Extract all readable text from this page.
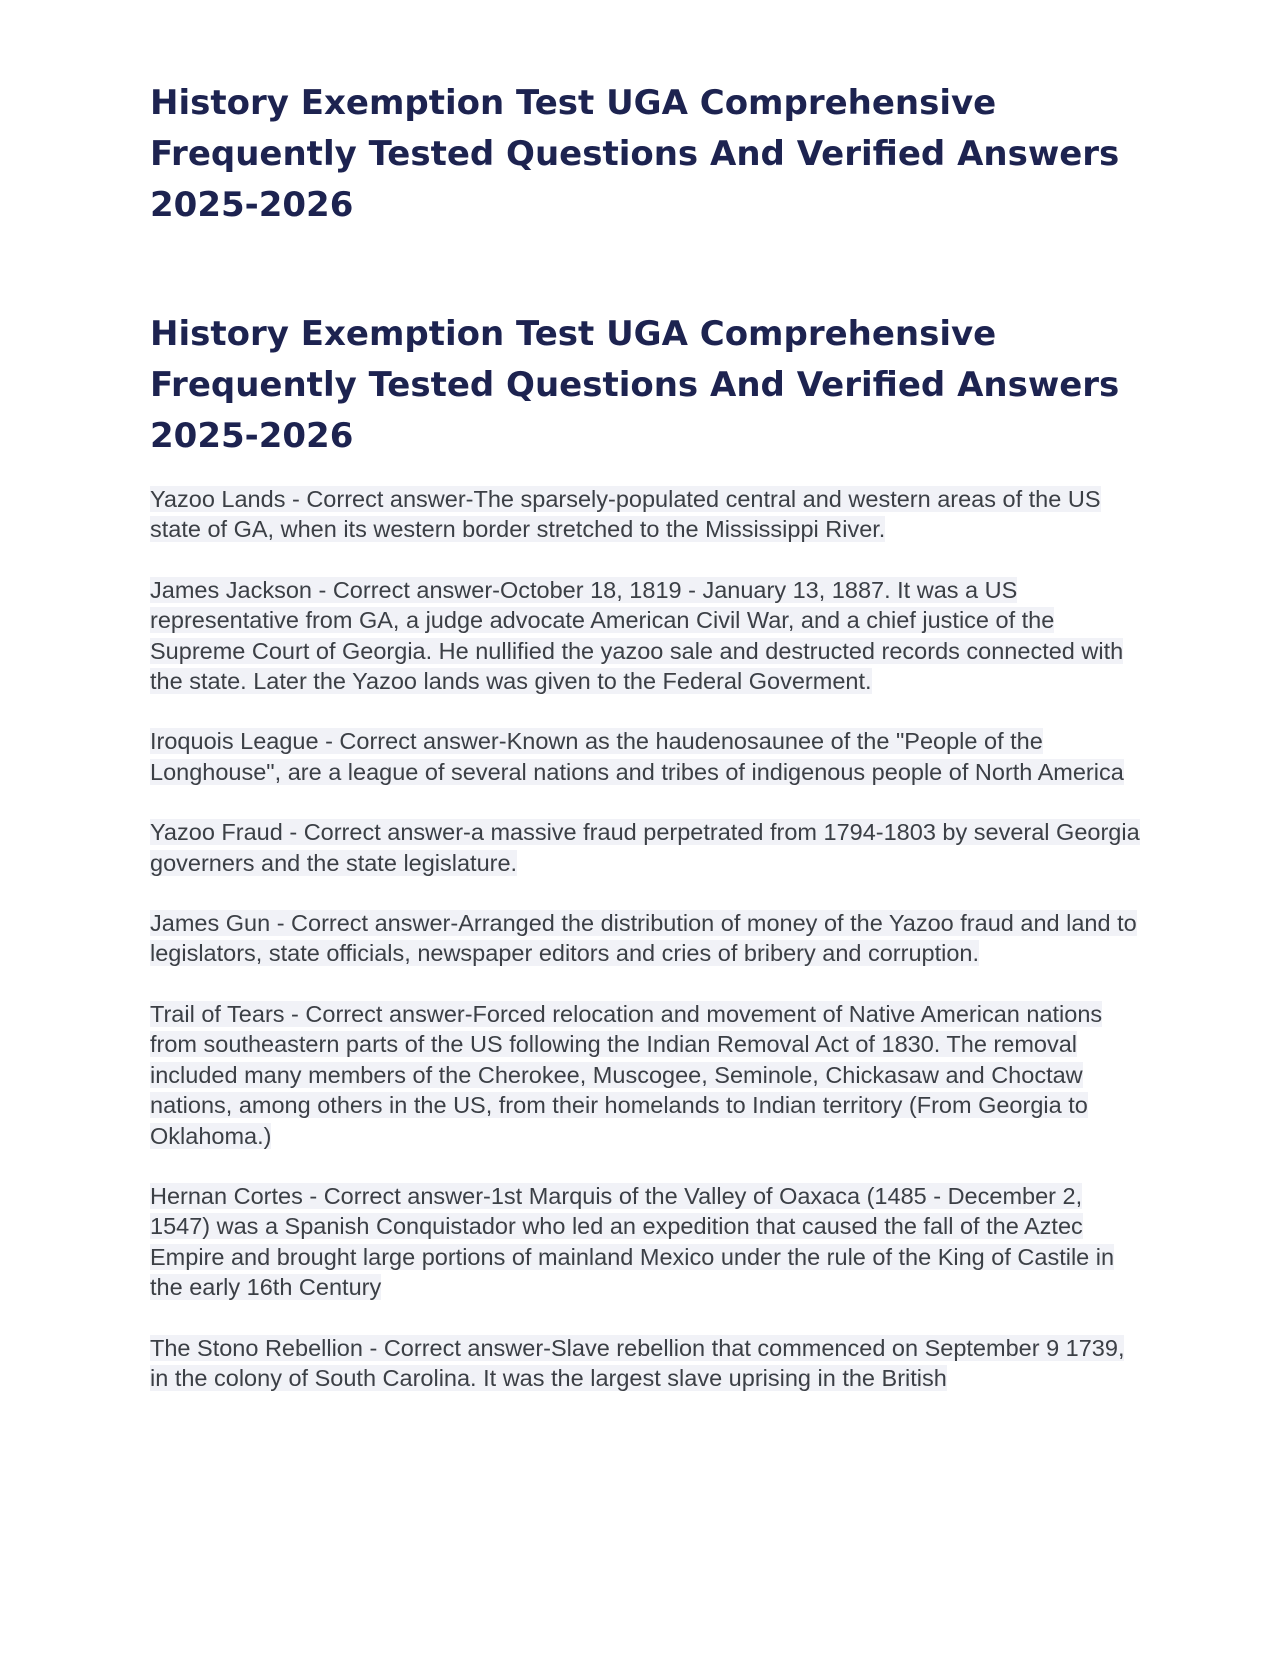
History Exemption Test UGA Comprehensive Frequently Tested Questions And Verified Answers 2025-2026
History Exemption Test UGA Comprehensive Frequently Tested Questions And Verified Answers 2025-2026

Yazoo Lands - Correct answer-The sparsely-populated central and western areas of the US state of GA, when its western border stretched to the Mississippi River.

James Jackson - Correct answer-October 18, 1819 - January 13, 1887. It was a US representative from GA, a judge advocate American Civil War, and a chief justice of the Supreme Court of Georgia. He nullified the yazoo sale and destructed records connected with the state. Later the Yazoo lands was given to the Federal Goverment.

Iroquois League - Correct answer-Known as the haudenosaunee of the "People of the Longhouse", are a league of several nations and tribes of indigenous people of North America

Yazoo Fraud - Correct answer-a massive fraud perpetrated from 1794-1803 by several Georgia governers and the state legislature.

James Gun - Correct answer-Arranged the distribution of money of the Yazoo fraud and land to legislators, state officials, newspaper editors and cries of bribery and corruption.

Trail of Tears - Correct answer-Forced relocation and movement of Native American nations from southeastern parts of the US following the Indian Removal Act of 1830. The removal included many members of the Cherokee, Muscogee, Seminole, Chickasaw and Choctaw nations, among others in the US, from their homelands to Indian territory (From Georgia to Oklahoma.)

Hernan Cortes - Correct answer-1st Marquis of the Valley of Oaxaca (1485 - December 2, 1547) was a Spanish Conquistador who led an expedition that caused the fall of the Aztec Empire and brought large portions of mainland Mexico under the rule of the King of Castile in the early 16th Century

The Stono Rebellion - Correct answer-Slave rebellion that commenced on September 9 1739, in the colony of South Carolina. It was the largest slave uprising in the British
